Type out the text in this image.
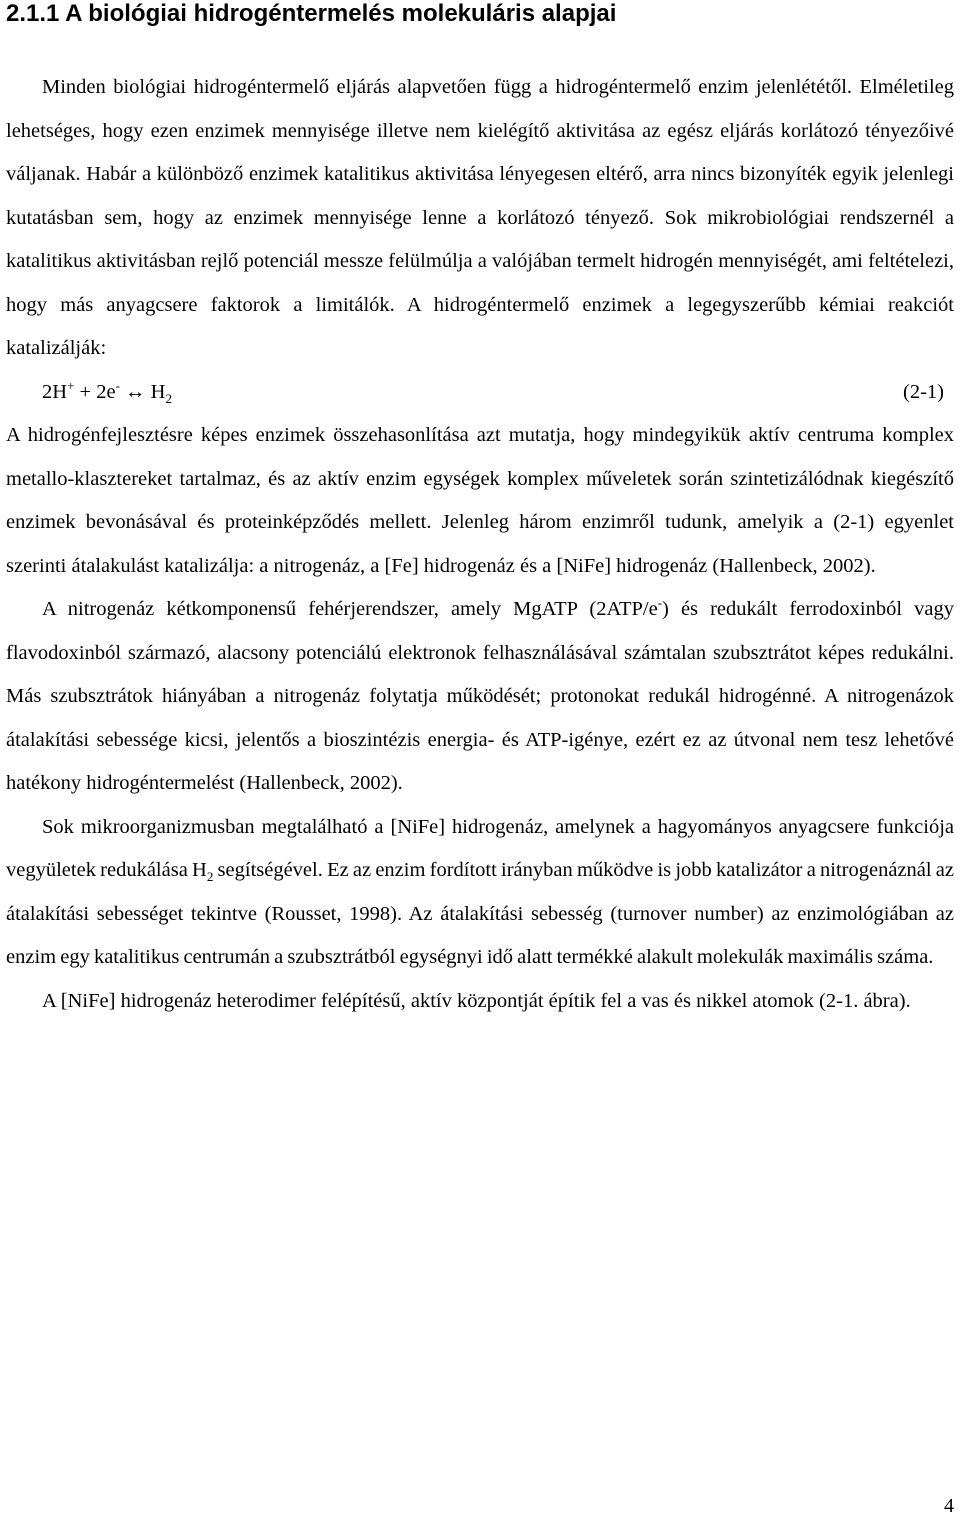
2.1.1 A biológiai hidrogéntermelés molekuláris alapjai

Minden biológiai hidrogéntermelő eljárás alapvetően függ a hidrogéntermelő enzim jelenlététől. Elméletileg lehetséges, hogy ezen enzimek mennyisége illetve nem kielégítő aktivitása az egész eljárás korlátozó tényezőivé váljanak. Habár a különböző enzimek katalitikus aktivitása lényegesen eltérő, arra nincs bizonyíték egyik jelenlegi kutatásban sem, hogy az enzimek mennyisége lenne a korlátozó tényező. Sok mikrobiológiai rendszernél a katalitikus aktivitásban rejlő potenciál messze felülmúlja a valójában termelt hidrogén mennyiségét, ami feltételezi, hogy más anyagcsere faktorok a limitálók. A hidrogéntermelő enzimek a legegyszerűbb kémiai reakciót katalizálják:

2H+ + 2e- ↔ $H_2$	(2-1)

A hidrogénfejlesztésre képes enzimek összehasonlítása azt mutatja, hogy mindegyikük aktív centruma komplex metallo-klasztereket tartalmaz, és az aktív enzim egységek komplex műveletek során szintetizálódnak kiegészítő enzimek bevonásával és proteinképződés mellett. Jelenleg három enzimről tudunk, amelyik a (2-1) egyenlet szerinti átalakulást katalizálja: a nitrogenáz, a [Fe] hidrogenáz és a [NiFe] hidrogenáz (Hallenbeck, 2002).

A nitrogenáz kétkomponensű fehérjerendszer, amely MgATP (2ATP/e-) és redukált ferrodoxinból vagy flavodoxinból származó, alacsony potenciálú elektronok felhasználásával számtalan szubsztrátot képes redukálni. Más szubsztrátok hiányában a nitrogenáz folytatja működését; protonokat redukál hidrogénné. A nitrogenázok átalakítási sebessége kicsi, jelentős a bioszintézis energia- és ATP-igénye, ezért ez az útvonal nem tesz lehetővé hatékony hidrogéntermelést (Hallenbeck, 2002).

Sok mikroorganizmusban megtalálható a [NiFe] hidrogenáz, amelynek a hagyományos anyagcsere funkciója vegyületek redukálása $H_2$ segítségével. Ez az enzim fordított irányban működve is jobb katalizátor a nitrogenáznál az átalakítási sebességet tekintve (Rousset, 1998). Az átalakítási sebesség (turnover number) az enzimológiában az enzim egy katalitikus centrumán a szubsztrátból egységnyi idő alatt termékké alakult molekulák maximális száma.

A [NiFe] hidrogenáz heterodimer felépítésű, aktív központját építik fel a vas és nikkel atomok (2-1. ábra).

4
